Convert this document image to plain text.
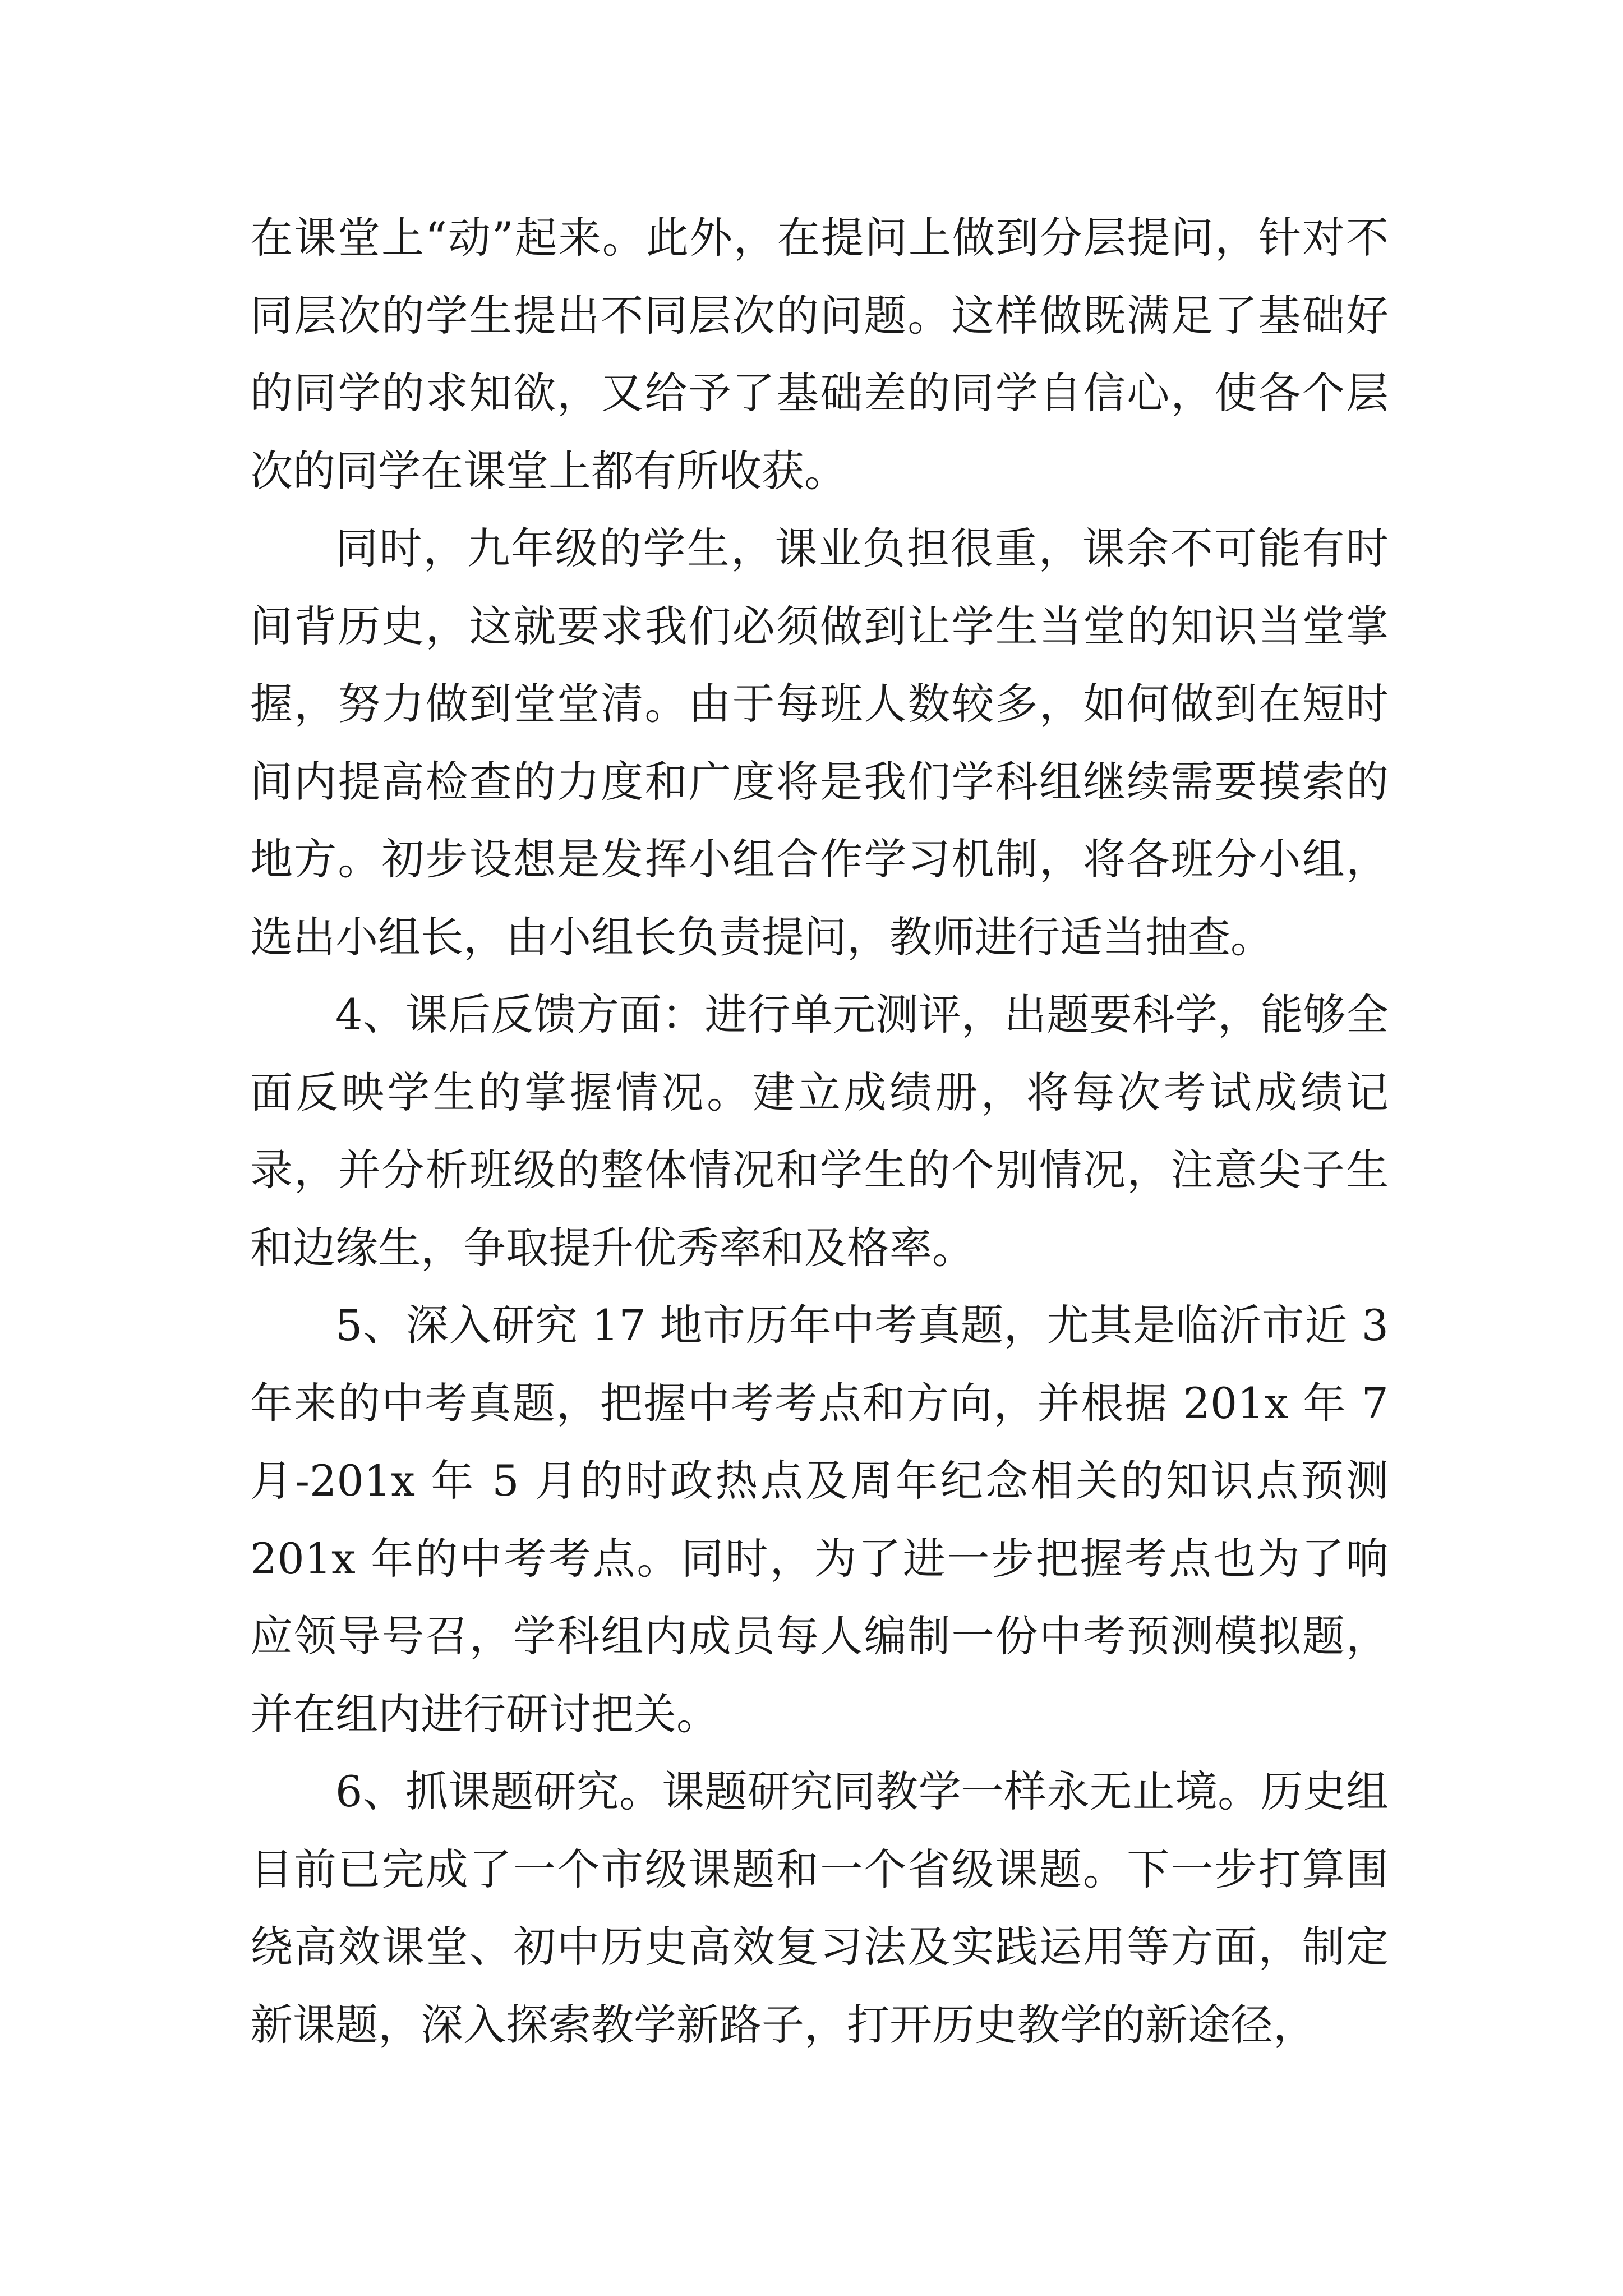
在课堂上“动”起来。此外，在提问上做到分层提问，针对不同层次的学生提出不同层次的问题。这样做既满足了基础好的同学的求知欲，又给予了基础差的同学自信心，使各个层次的同学在课堂上都有所收获。

同时，九年级的学生，课业负担很重，课余不可能有时间背历史，这就要求我们必须做到让学生当堂的知识当堂掌握，努力做到堂堂清。由于每班人数较多，如何做到在短时间内提高检查的力度和广度将是我们学科组继续需要摸索的地方。初步设想是发挥小组合作学习机制，将各班分小组，选出小组长，由小组长负责提问，教师进行适当抽查。

4、课后反馈方面：进行单元测评，出题要科学，能够全面反映学生的掌握情况。建立成绩册，将每次考试成绩记录，并分析班级的整体情况和学生的个别情况，注意尖子生和边缘生，争取提升优秀率和及格率。

5、深入研究 17 地市历年中考真题，尤其是临沂市近 3 年来的中考真题，把握中考考点和方向，并根据 201x 年 7 月-201x 年 5 月的时政热点及周年纪念相关的知识点预测 201x 年的中考考点。同时，为了进一步把握考点也为了响应领导号召，学科组内成员每人编制一份中考预测模拟题，并在组内进行研讨把关。

6、抓课题研究。课题研究同教学一样永无止境。历史组目前已完成了一个市级课题和一个省级课题。下一步打算围绕高效课堂、初中历史高效复习法及实践运用等方面，制定新课题，深入探索教学新路子，打开历史教学的新途径，
